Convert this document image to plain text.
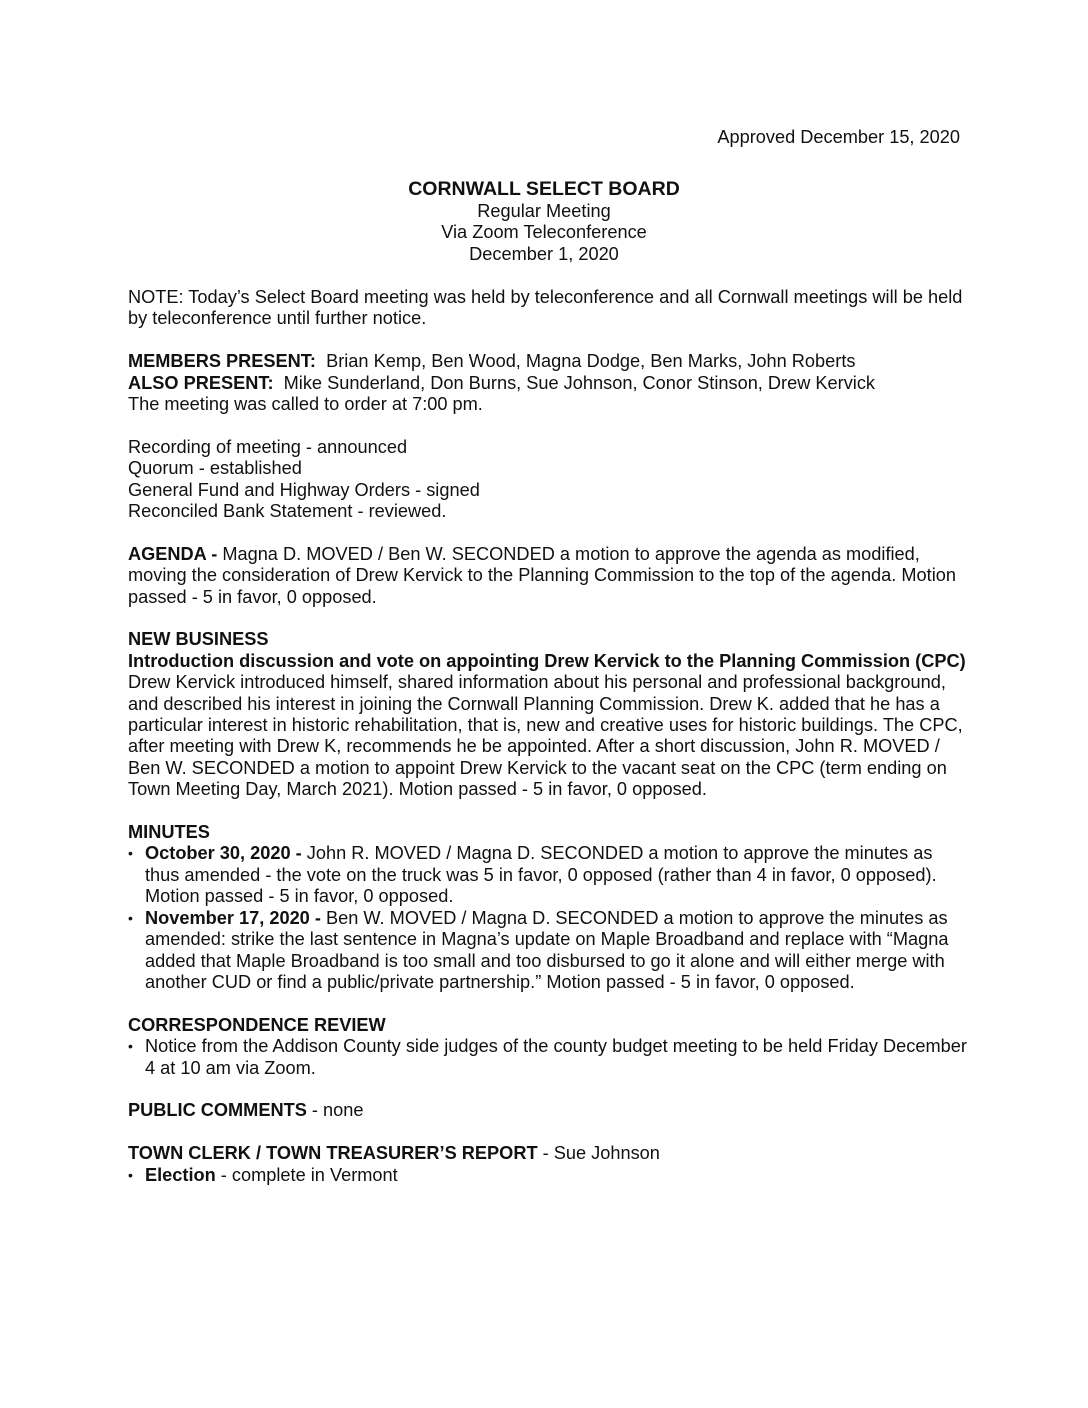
Approved December 15, 2020
CORNWALL SELECT BOARD
Regular Meeting
Via Zoom Teleconference
December 1, 2020

NOTE: Today’s Select Board meeting was held by teleconference and all Cornwall meetings will be held by teleconference until further notice.

MEMBERS PRESENT: Brian Kemp, Ben Wood, Magna Dodge, Ben Marks, John Roberts
ALSO PRESENT: Mike Sunderland, Don Burns, Sue Johnson, Conor Stinson, Drew Kervick
The meeting was called to order at 7:00 pm.
Recording of meeting - announced
Quorum - established
General Fund and Highway Orders - signed
Reconciled Bank Statement - reviewed.

AGENDA - Magna D. MOVED / Ben W. SECONDED a motion to approve the agenda as modified, moving the consideration of Drew Kervick to the Planning Commission to the top of the agenda. Motion passed - 5 in favor, 0 opposed.

NEW BUSINESS
Introduction discussion and vote on appointing Drew Kervick to the Planning Commission (CPC)

Drew Kervick introduced himself, shared information about his personal and professional background, and described his interest in joining the Cornwall Planning Commission. Drew K. added that he has a particular interest in historic rehabilitation, that is, new and creative uses for historic buildings. The CPC, after meeting with Drew K, recommends he be appointed. After a short discussion, John R. MOVED / Ben W. SECONDED a motion to appoint Drew Kervick to the vacant seat on the CPC (term ending on Town Meeting Day, March 2021). Motion passed - 5 in favor, 0 opposed.

MINUTES
• October 30, 2020 - John R. MOVED / Magna D. SECONDED a motion to approve the minutes as thus amended - the vote on the truck was 5 in favor, 0 opposed (rather than 4 in favor, 0 opposed). Motion passed - 5 in favor, 0 opposed.
• November 17, 2020 - Ben W. MOVED / Magna D. SECONDED a motion to approve the minutes as amended: strike the last sentence in Magna’s update on Maple Broadband and replace with “Magna added that Maple Broadband is too small and too disbursed to go it alone and will either merge with another CUD or find a public/private partnership.” Motion passed - 5 in favor, 0 opposed.
CORRESPONDENCE REVIEW
• Notice from the Addison County side judges of the county budget meeting to be held Friday December 4 at 10 am via Zoom.

PUBLIC COMMENTS - none

TOWN CLERK / TOWN TREASURER’S REPORT - Sue Johnson
• Election - complete in Vermont
